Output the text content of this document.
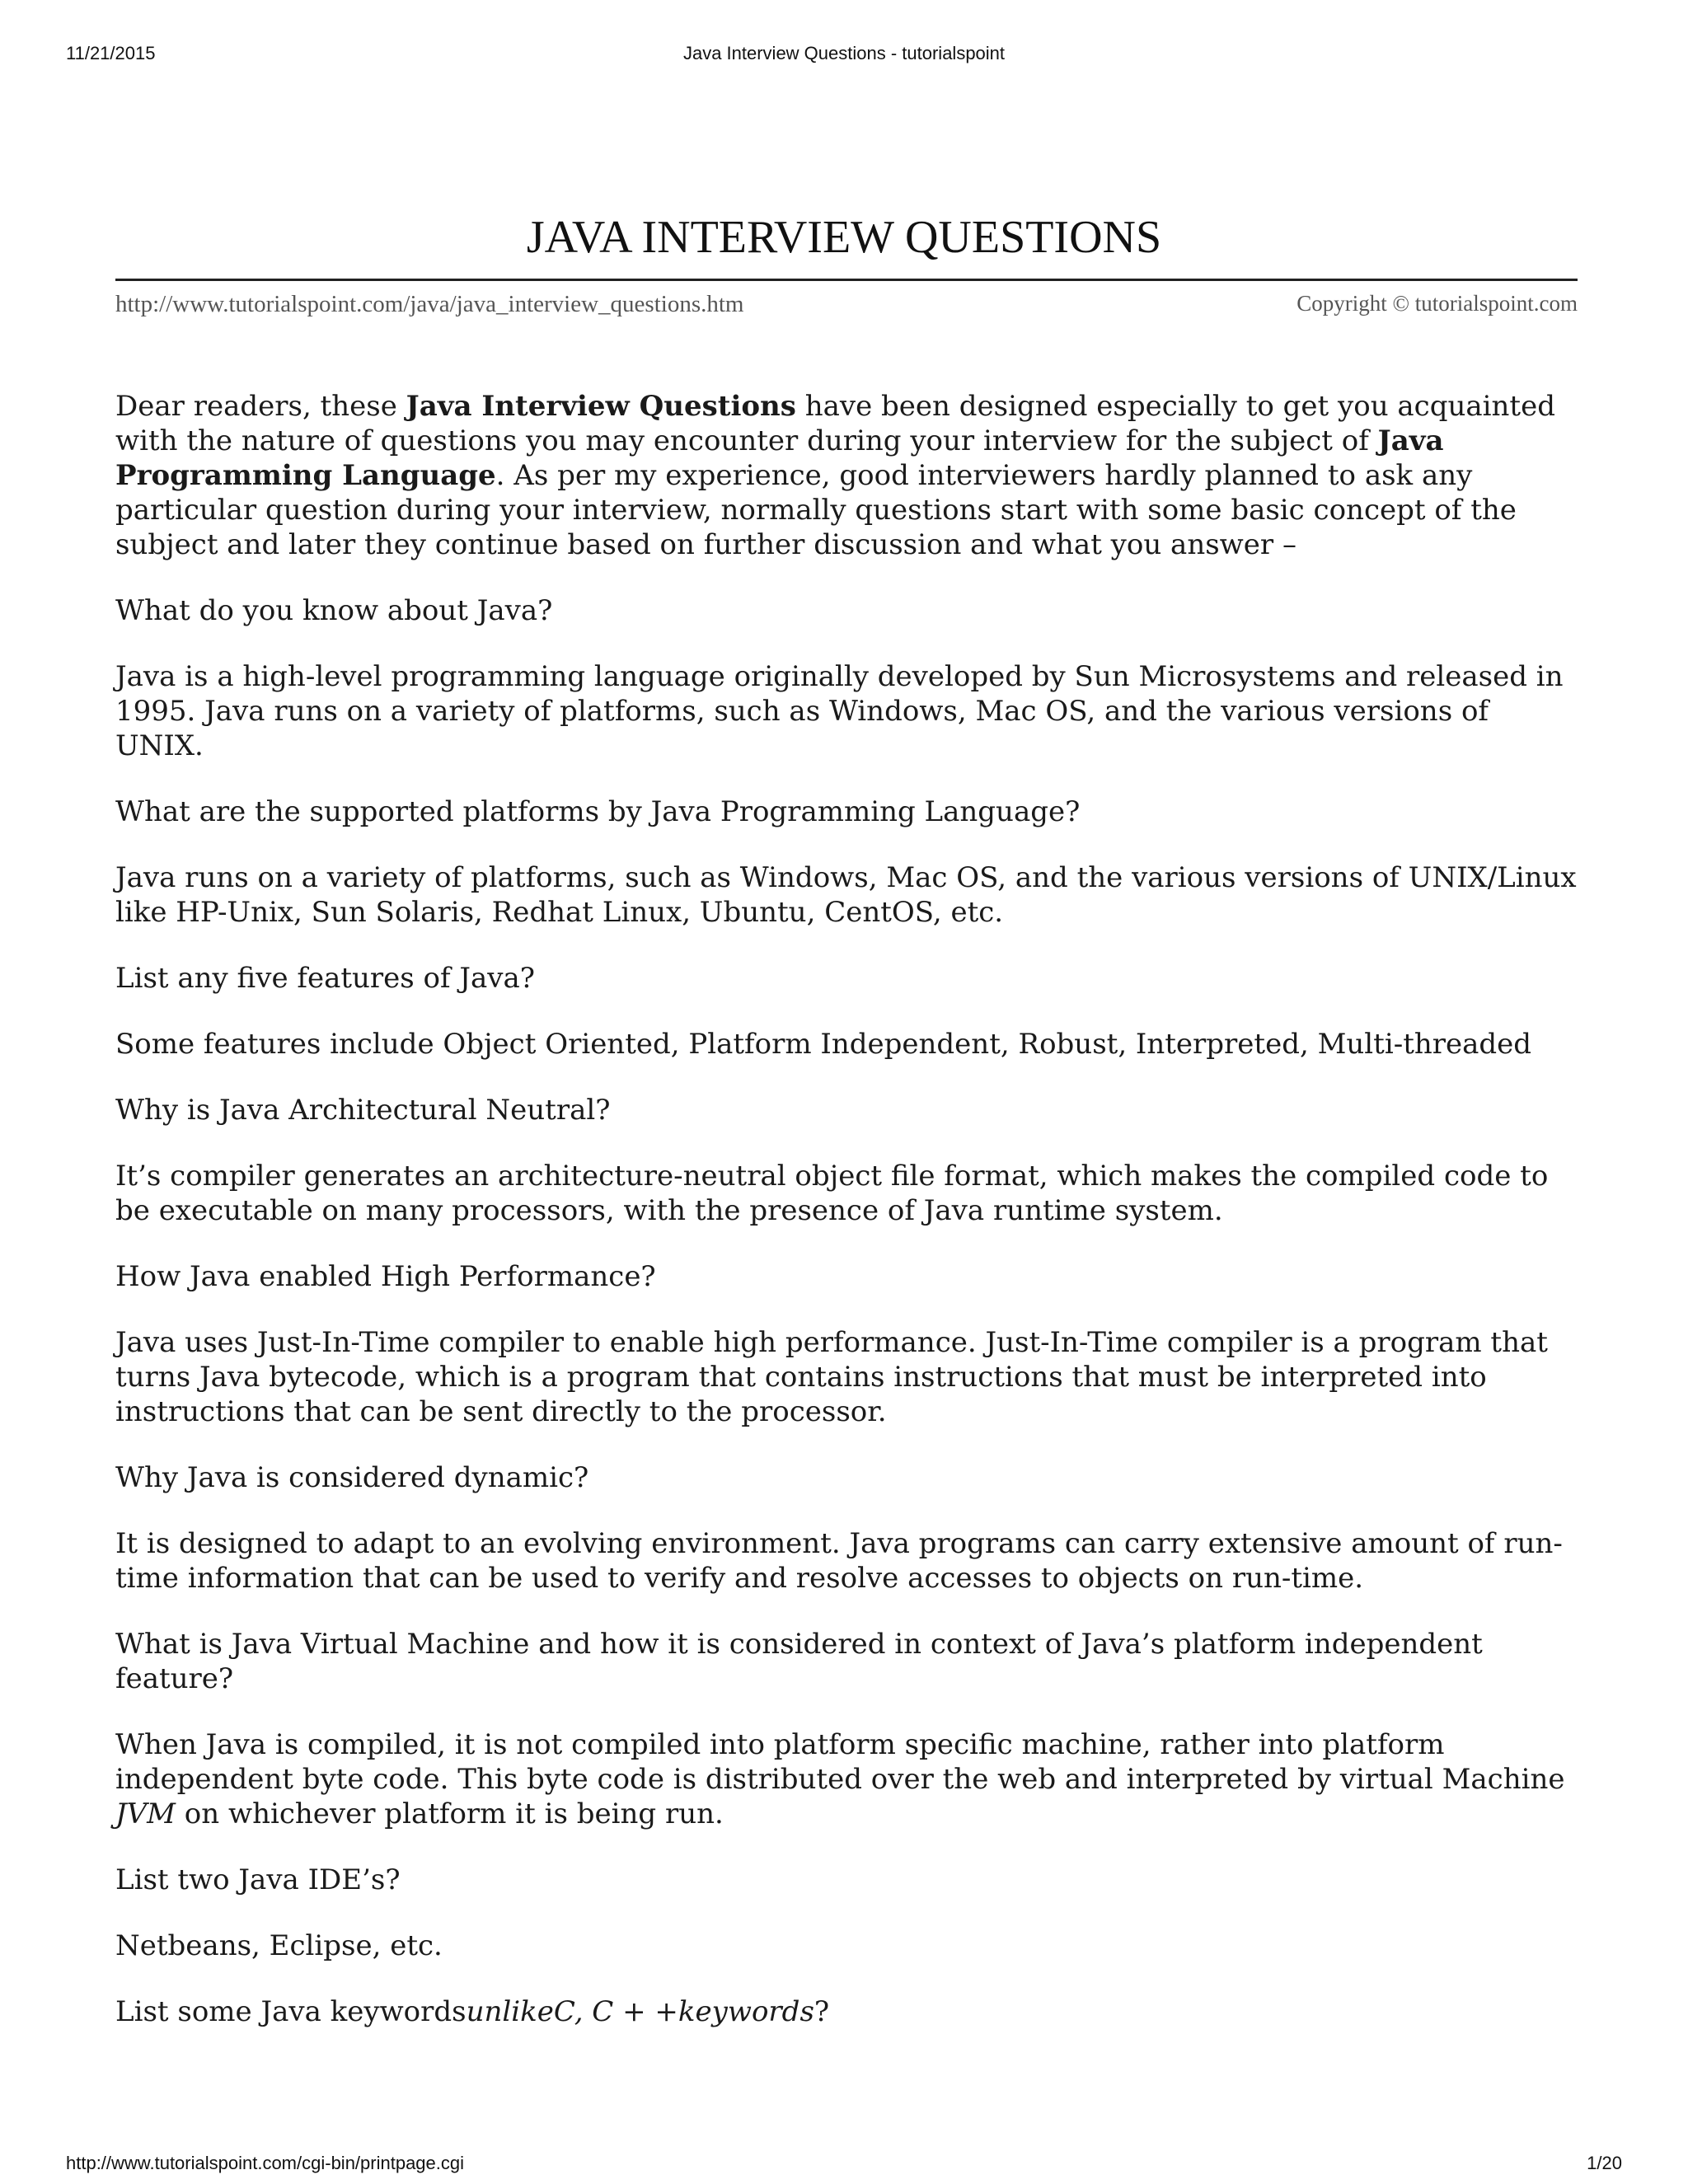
11/21/2015	Java Interview Questions - tutorialspoint
JAVA INTERVIEW QUESTIONS
http://www.tutorialspoint.com/java/java_interview_questions.htm	Copyright © tutorialspoint.com

Dear readers, these Java Interview Questions have been designed especially to get you acquainted with the nature of questions you may encounter during your interview for the subject of Java Programming Language. As per my experience, good interviewers hardly planned to ask any particular question during your interview, normally questions start with some basic concept of the subject and later they continue based on further discussion and what you answer –

What do you know about Java?

Java is a high-level programming language originally developed by Sun Microsystems and released in 1995. Java runs on a variety of platforms, such as Windows, Mac OS, and the various versions of UNIX.

What are the supported platforms by Java Programming Language?

Java runs on a variety of platforms, such as Windows, Mac OS, and the various versions of UNIX/Linux like HP-Unix, Sun Solaris, Redhat Linux, Ubuntu, CentOS, etc.

List any five features of Java?

Some features include Object Oriented, Platform Independent, Robust, Interpreted, Multi-threaded

Why is Java Architectural Neutral?

It’s compiler generates an architecture-neutral object file format, which makes the compiled code to be executable on many processors, with the presence of Java runtime system.

How Java enabled High Performance?

Java uses Just-In-Time compiler to enable high performance. Just-In-Time compiler is a program that turns Java bytecode, which is a program that contains instructions that must be interpreted into instructions that can be sent directly to the processor.

Why Java is considered dynamic?

It is designed to adapt to an evolving environment. Java programs can carry extensive amount of run-time information that can be used to verify and resolve accesses to objects on run-time.

What is Java Virtual Machine and how it is considered in context of Java’s platform independent feature?

When Java is compiled, it is not compiled into platform specific machine, rather into platform independent byte code. This byte code is distributed over the web and interpreted by virtual Machine JVM on whichever platform it is being run.

List two Java IDE’s?

Netbeans, Eclipse, etc.

List some Java keywordsunlikeC, C + +keywords?

http://www.tutorialspoint.com/cgi-bin/printpage.cgi	1/20
